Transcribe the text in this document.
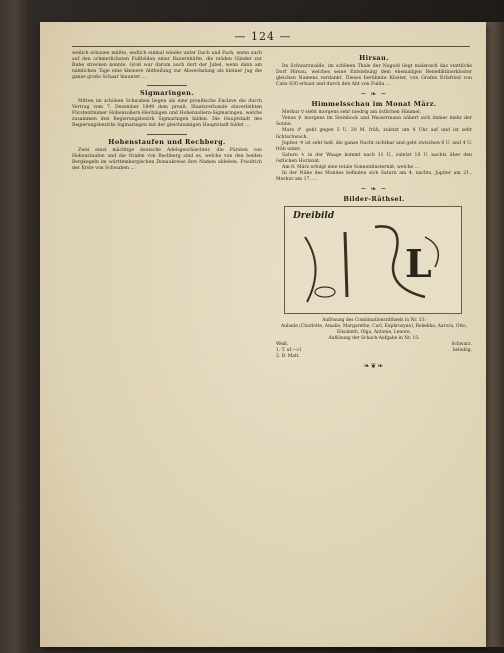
— 124 —

weilich schauen müßte, endlich einmal wieder unter Dach und Fach, wenn auch auf den schmerlichsten Fußböden einer Bauernhütte, die müden Glieder zur Ruhe strecken konnte. Groß war darum auch dort der Jubel, wenn dann am nämlichen Tage eine kleinere Abtheilung zur Abwechslung als kleiner Jug die ganze große Schaar hinunter ...

Sigmaringen.

Mitten im schönen Schwaben liegen als eine preußische Enclave die durch Vertrag vom 7. Dezember 1849 dem preuß. Staatsverbande einverleibten Fürstenthümer Hohenzollern-Hechingen und Hohenzollern-Sigmaringen, welche zusammen den Regierungsbezirk Sigmaringen bilden. Die Hauptstadt des Regierungsbezirks Sigmaringen mit der gleichnamigen Hauptstadt bildet ...

Hohenstaufen und Rechberg.

Zwei einst mächtige deutsche Adelsgeschlechter, die Fürsten von Hohenstaufen und die Grafen von Rechberg sind es, welche von den beiden Bergkegeln im württembergischen Donaukreise ihre Namen ableiten. Friedrich der Erste von Schwaben ...

Hirsau.

Im Schwarzwalde, im schönen Thale der Nagold liegt malerisch das stattliche Dorf Hirsau, welches seine Entstehung dem ehemaligen Benediktinerkloster gleichen Namens verdankt. Dieses berühmte Kloster, von Grafen Erlafried von Calw 830 erbaut und durch den Abt von Fulda ...

~ ❧ ~
Himmelsschau im Monat März.

Merkur ☿ steht morgens sehr niedrig am östlichen Himmel.

Venus ♀ morgens im Steinbock und Wassermann nähert sich immer mehr der Sonne.

Mars ♂ geht gegen 5 U. 30 M. früh, zuletzt um 4 Uhr auf und ist sehr lichtschwach.

Jupiter ♃ ist sehr hell, die ganze Nacht sichtbar und geht zwischen 6 U. und 4 U. früh unter.

Saturn ♄ in der Waage kommt nach 11 U., zuletzt 10 U. nachts über den östlichen Horizont.

Am 8. März erfolgt eine totale Sonnenfinsterniß, welche ...

In der Nähe des Mondes befinden sich Saturn am 4. nachts, Jupiter am 21., Merkur am 17. ...

~ ❧ ~
Bilder-Räthsel.
Dreibild
L

Auflösung des Combinationsräthsels in Nr. 13:

Aubade (Charlotte, Amalie, Margarethe, Carl, Euphrosyne), Rebekka, Aurora, Otto, Elisabeth, Olga, Antonie, Lenore.

Auflösung der Schach-Aufgabe in Nr. 15:

Weiß.	Schwarz.
1. T. a1—c1	beliebig.
2. D. Matt.
❧❦❧
